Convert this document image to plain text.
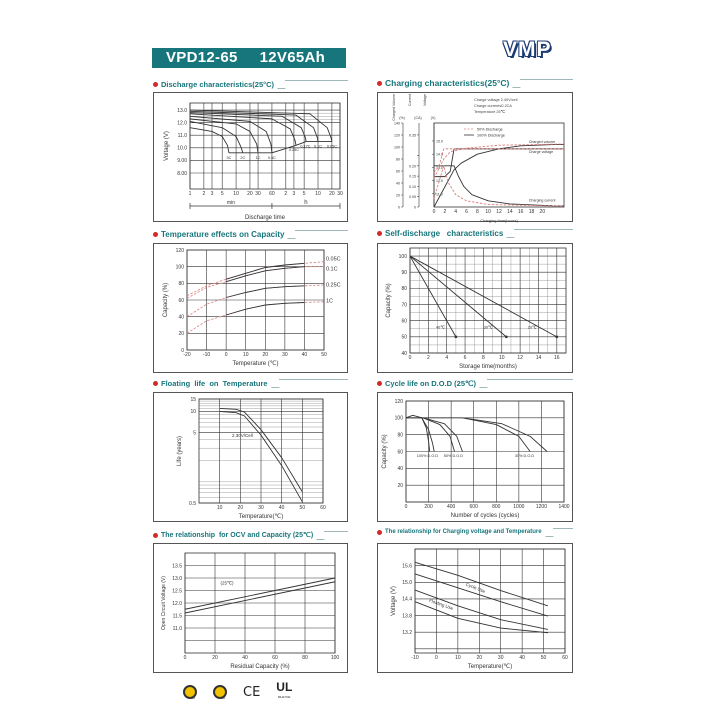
VPD12-65 12V65Ah	VMP
Discharge characteristics(25°C)	Charging characteristics(25°C)
Temperature effects on Capacity	Self-discharge   characteristics
Floating  life  on  Temperature	Cycle life on D.O.D (25℃)
The relationship  for OCV and Capacity (25℃)	The relationship for Charging voltage and Temperature
1 2 3 5 10 20 30 60 2 3 5 10 20 30
8.00
9.00
10.0
11.0
12.0
13.0
Discharge time
Voltage (V)
min	h
3C 2C	1C 0.6C
0.25C
0.17C 0.1C 0.05C
0 2 4 6 8 10 12 14 16 18 20
Charging time(hours)
0
20
40
60
80
100
120
140
Charged Volume (%)
0
0.05
0.10
0.15
0.20
0.35
Current
(CA)
11.0
12.0
13.0
14.0
15.0
Voltage
(V)
Charge voltage 2.40V/cell
Charge current≤0.2CA
Temperature 25℃
50% Discharge
100% Discharge
Charged volume
Charge voltage
Charging current
-20 -10	0	10	20	30	40	50
0
20
40
60
80
100
120
Temperature (℃)
Capacity (%)
0.05C
0.1C
0.25C
1C
0	2	4	6	8	10	12	14	16
40
50
60
70
80
90
100
Storage time(months)
Capacity (%)
40℃	30℃	20℃
10	20	30	40	50	60
0.5
5
10
15
Temperature(℃)
Life (years)
2.30V/Cell
0	200	400	600	800	1000 1200 1400
20
40
60
80
100
120
Number of cycles (cycles)
Capacity (%)	100% D.O.D 50% D.O.D	30% D.O.D
0	20	40	60	80	100
11.0
11.5
12.0
12.5
13.0
13.5
Residual Capacity (%)
Open Circuit Voltage (V)	(25℃)
-10	0	10	20	30	40	50	60
13.2
13.8
14.4
15.0
15.6
Temperature(℃)
Voltage (V)	Cycle Use
Floating Use
ISO	ISO CE UL
MH47311
